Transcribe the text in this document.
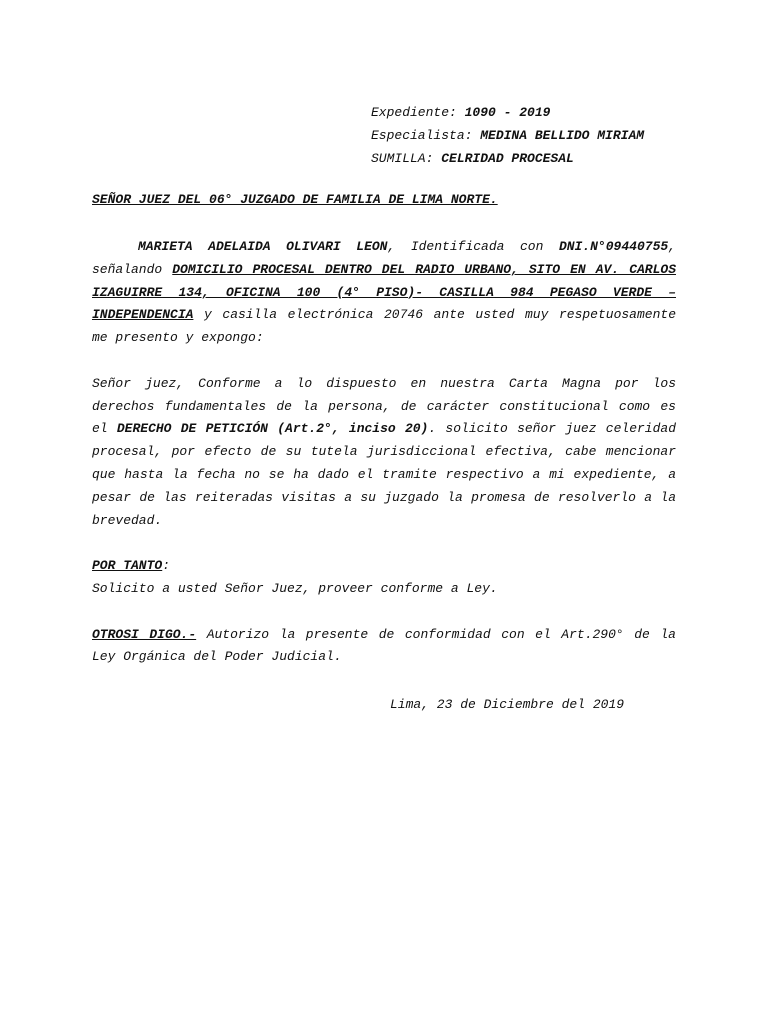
Expediente: 1090 - 2019
Especialista: MEDINA BELLIDO MIRIAM
SUMILLA: CELRIDAD PROCESAL
SEÑOR JUEZ DEL 06° JUZGADO DE FAMILIA DE LIMA NORTE.

MARIETA ADELAIDA OLIVARI LEON, Identificada con DNI.N°09440755, señalando DOMICILIO PROCESAL DENTRO DEL RADIO URBANO, SITO EN AV. CARLOS IZAGUIRRE 134, OFICINA 100 (4° PISO)- CASILLA 984 PEGASO VERDE – INDEPENDENCIA y casilla electrónica 20746 ante usted muy respetuosamente me presento y expongo:

Señor juez, Conforme a lo dispuesto en nuestra Carta Magna por los derechos fundamentales de la persona, de carácter constitucional como es el DERECHO DE PETICIÓN (Art.2°, inciso 20). solicito señor juez celeridad procesal, por efecto de su tutela jurisdiccional efectiva, cabe mencionar que hasta la fecha no se ha dado el tramite respectivo a mi expediente, a pesar de las reiteradas visitas a su juzgado la promesa de resolverlo a la brevedad.

POR TANTO:

Solicito a usted Señor Juez, proveer conforme a Ley.

OTROSI DIGO.- Autorizo la presente de conformidad con el Art.290° de la Ley Orgánica del Poder Judicial.

Lima, 23 de Diciembre del 2019
